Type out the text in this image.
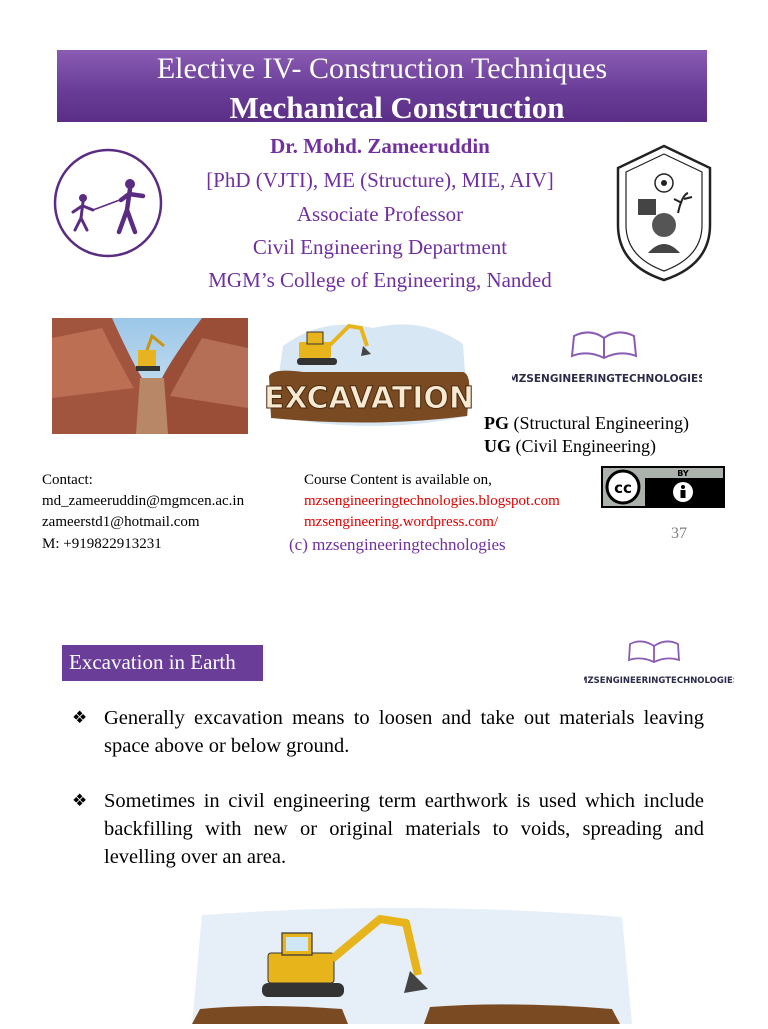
Elective IV- Construction Techniques
Mechanical Construction
Dr. Mohd. Zameeruddin
[PhD (VJTI), ME (Structure), MIE, AIV]
Associate Professor
Civil Engineering Department
MGM’s College of Engineering, Nanded
EXCAVATION
MZSENGINEERINGTECHNOLOGIES
PG (Structural Engineering)
UG (Civil Engineering)
Contact:
md_zameeruddin@mgmcen.ac.in
zameerstd1@hotmail.com
M: +919822913231
Course Content is available on,
mzsengineeringtechnologies.blogspot.com
mzsengineering.wordpress.com/
(c) mzsengineeringtechnologies
cc
BY
37
Excavation in Earth
MZSENGINEERINGTECHNOLOGIES
❖ Generally excavation means to loosen and take out materials leaving space above or below ground.
❖ Sometimes in civil engineering term earthwork is used which include backfilling with new or original materials to voids, spreading and levelling over an area.
